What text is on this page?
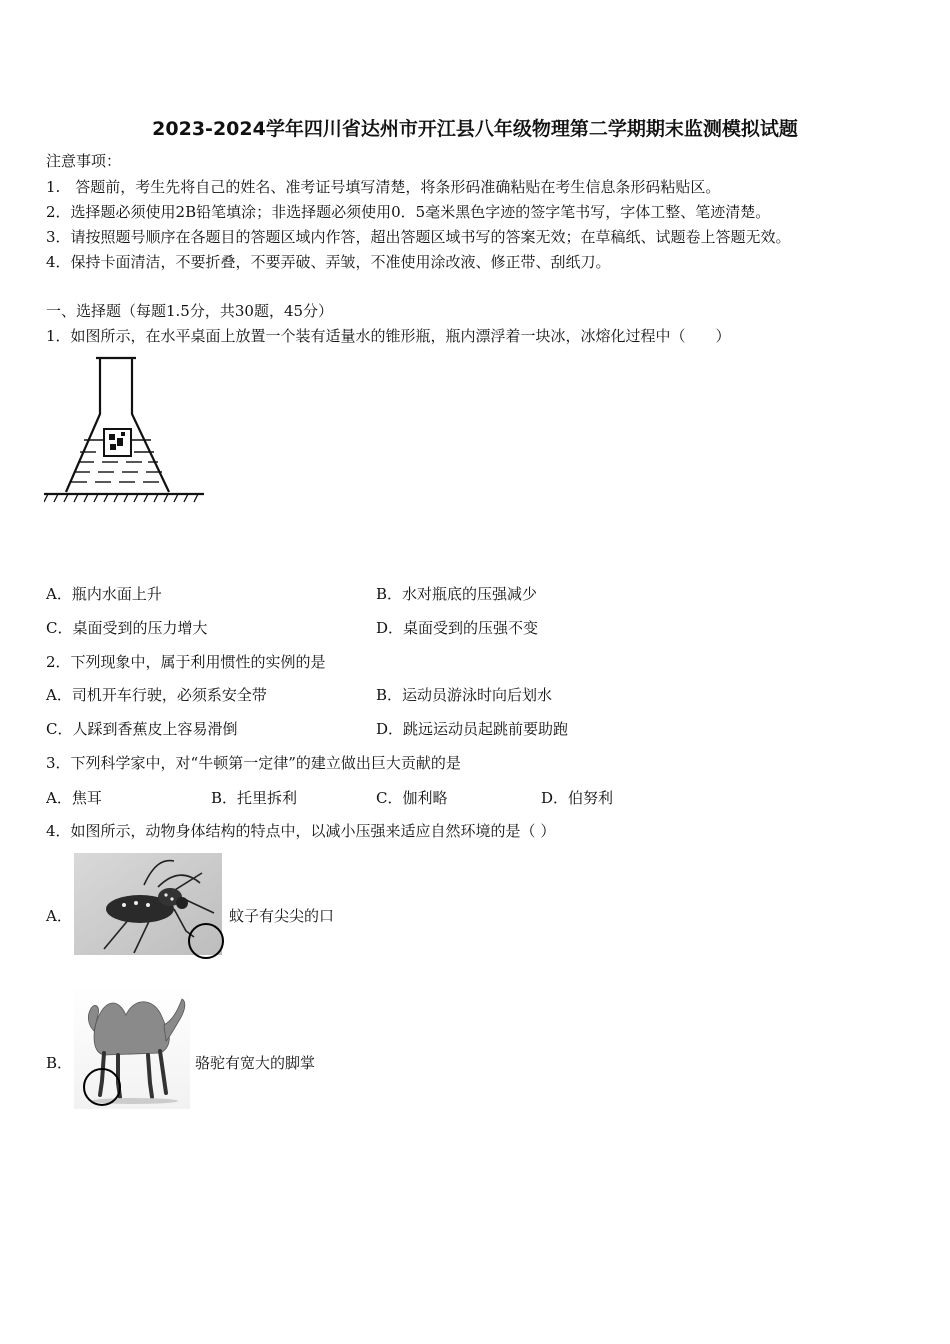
2023-2024学年四川省达州市开江县八年级物理第二学期期末监测模拟试题
注意事项：
1.　答题前，考生先将自己的姓名、准考证号填写清楚，将条形码准确粘贴在考生信息条形码粘贴区。
2．选择题必须使用2B铅笔填涂；非选择题必须使用0．5毫米黑色字迹的签字笔书写，字体工整、笔迹清楚。
3．请按照题号顺序在各题目的答题区域内作答，超出答题区域书写的答案无效；在草稿纸、试题卷上答题无效。
4．保持卡面清洁，不要折叠，不要弄破、弄皱，不准使用涂改液、修正带、刮纸刀。
一、选择题（每题1.5分，共30题，45分）
1．如图所示，在水平桌面上放置一个装有适量水的锥形瓶，瓶内漂浮着一块冰，冰熔化过程中（　　）
A．瓶内水面上升	B．水对瓶底的压强减少
C．桌面受到的压力增大	D．桌面受到的压强不变
2．下列现象中，属于利用惯性的实例的是
A．司机开车行驶，必须系安全带	B．运动员游泳时向后划水
C．人踩到香蕉皮上容易滑倒	D．跳远运动员起跳前要助跑
3．下列科学家中，对“牛顿第一定律”的建立做出巨大贡献的是
A．焦耳	B．托里拆利	C．伽利略	D．伯努利
4．如图所示，动物身体结构的特点中，以减小压强来适应自然环境的是（ ）
A．	蚊子有尖尖的口
B．	骆驼有宽大的脚掌
